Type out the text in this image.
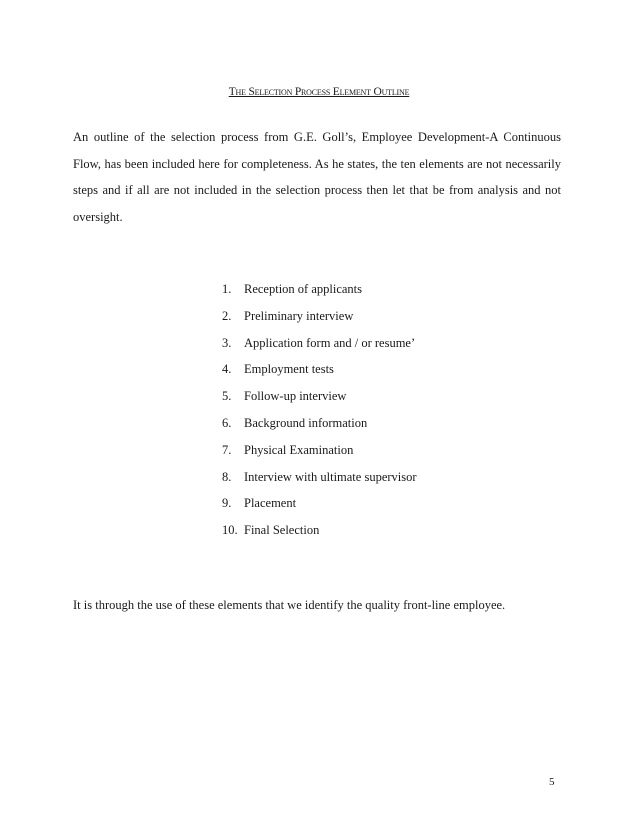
The Selection Process Element Outline

An outline of the selection process from G.E. Goll’s, Employee Development-A Continuous Flow, has been included here for completeness. As he states, the ten elements are not necessarily steps and if all are not included in the selection process then let that be from analysis and not oversight.

1. Reception of applicants
2. Preliminary interview
3. Application form and / or resume’
4. Employment tests
5. Follow-up interview
6. Background information
7. Physical Examination
8. Interview with ultimate supervisor
9. Placement
10. Final Selection

It is through the use of these elements that we identify the quality front-line employee.

5
